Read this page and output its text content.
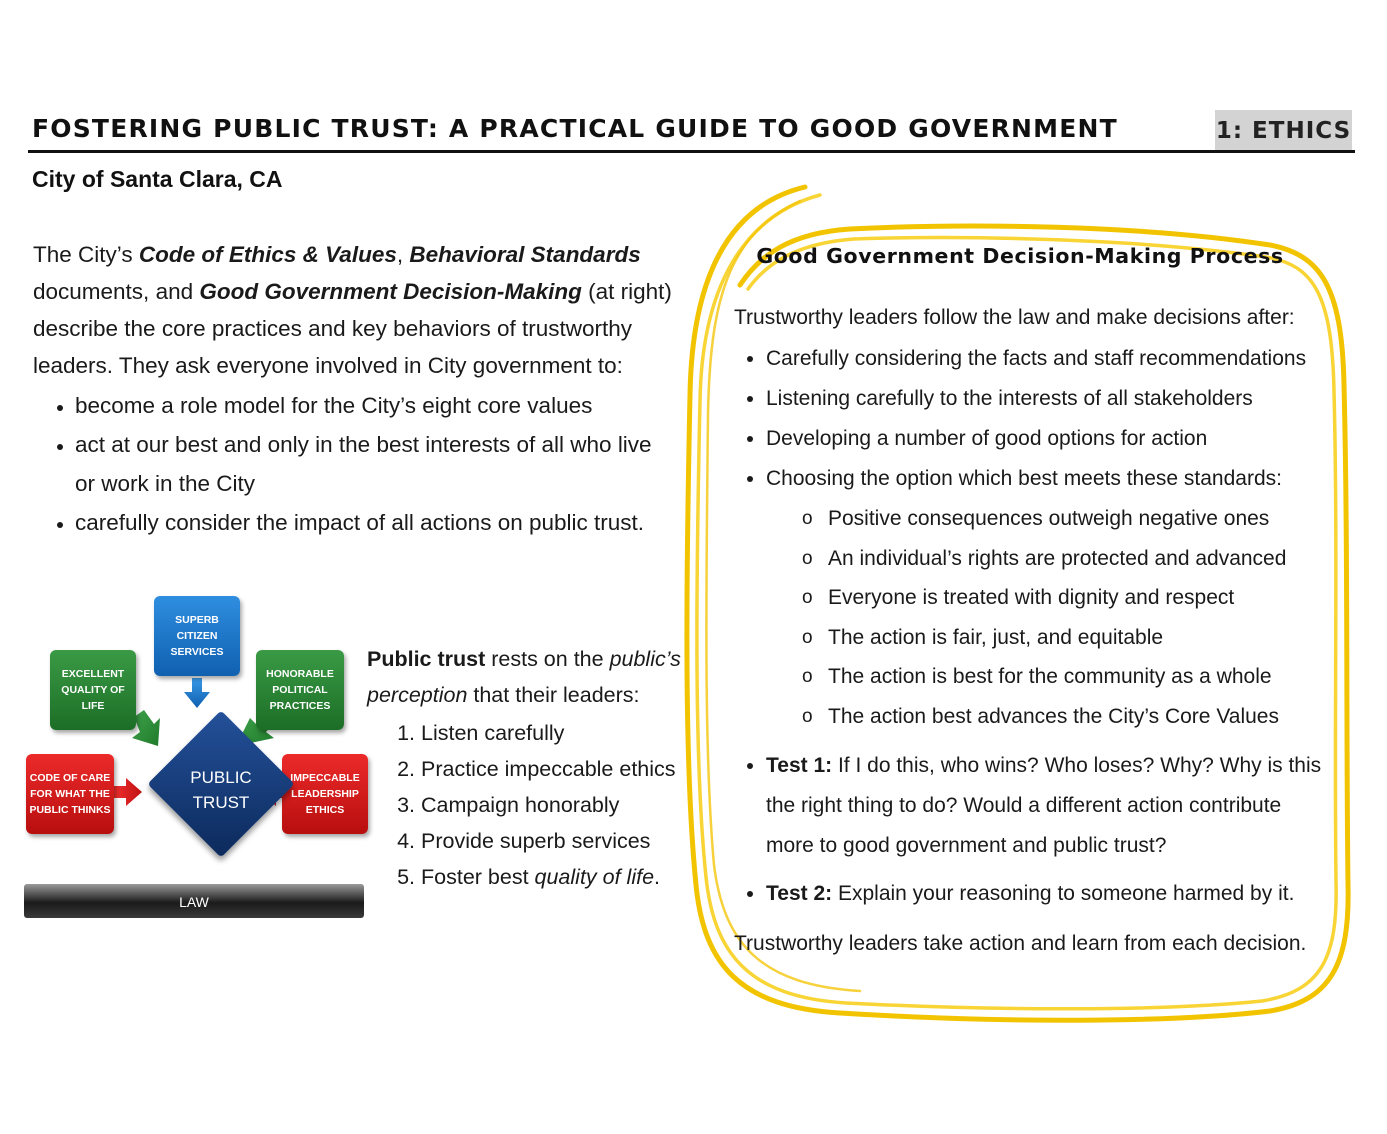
FOSTERING PUBLIC TRUST: A PRACTICAL GUIDE TO GOOD GOVERNMENT	1: ETHICS
City of Santa Clara, CA

The City’s Code of Ethics & Values, Behavioral Standards documents, and Good Government Decision-Making (at right) describe the core practices and key behaviors of trustworthy leaders. They ask everyone involved in City government to:

• become a role model for the City’s eight core values
• act at our best and only in the best interests of all who live or work in the City
• carefully consider the impact of all actions on public trust.
SUPERB CITIZEN SERVICES
EXCELLENT QUALITY OF LIFE
HONORABLE POLITICAL PRACTICES
CODE OF CARE FOR WHAT THE PUBLIC THINKS
IMPECCABLE LEADERSHIP ETHICS
PUBLIC
TRUST
LAW

Public trust rests on the public’s perception that their leaders:

1. Listen carefully
2. Practice impeccable ethics
3. Campaign honorably
4. Provide superb services
5. Foster best quality of life.
Good Government Decision-Making Process

Trustworthy leaders follow the law and make decisions after:

• Carefully considering the facts and staff recommendations
• Listening carefully to the interests of all stakeholders
• Developing a number of good options for action
• Choosing the option which best meets these standards:
o Positive consequences outweigh negative ones
o An individual’s rights are protected and advanced
o Everyone is treated with dignity and respect
o The action is fair, just, and equitable
o The action is best for the community as a whole
o The action best advances the City’s Core Values
• Test 1: If I do this, who wins? Who loses? Why? Why is this the right thing to do? Would a different action contribute more to good government and public trust?
• Test 2: Explain your reasoning to someone harmed by it.

Trustworthy leaders take action and learn from each decision.
